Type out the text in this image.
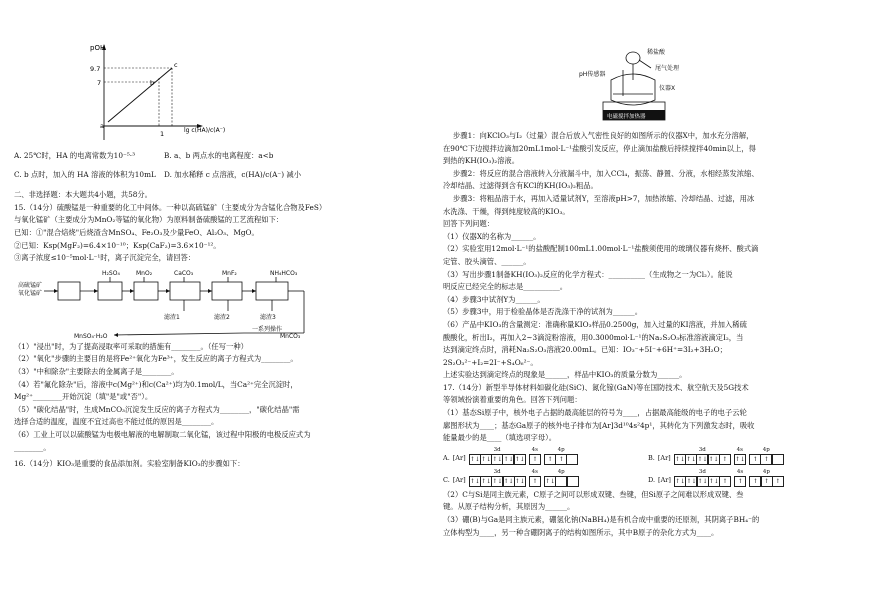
pOH
9.7
7
c
b
a
1	lg c(HA)/c(A⁻)
A. 25℃时，HA 的电离常数为10⁻⁵·³	B. a、b 两点水的电离程度：a<b
C. b 点时，加入的 HA 溶液的体积为10mL	D. 加水稀释 c 点溶液，c(HA)/c(A⁻) 减小
二、非选择题：本大题共4小题，共58分。
15.（14分）硫酸锰是一种重要的化工中间体。一种以高硫锰矿（主要成分为含锰化合物及FeS）
与氧化锰矿（主要成分为MnO₂等锰的氧化物）为原料制备硫酸锰的工艺流程如下：
已知：①"混合焙烧"后烧渣含MnSO₄、Fe₂O₃及少量FeO、Al₂O₃、MgO。
②已知：Ksp(MgF₂)=6.4×10⁻¹⁰；Ksp(CaF₂)=3.6×10⁻¹²。
③离子浓度≤10⁻⁵mol·L⁻¹时，离子沉淀完全，请回答：
高硫锰矿
氧化锰矿
H₂SO₄	MnO₂	CaCO₃	MnF₂	NH₄HCO₃
滤渣1	滤渣2	滤渣3
一系列操作
MnSO₄·H₂O	MnCO₃
（1）"浸出"时，为了提高浸取率可采取的措施有________。（任写一种）
（2）"氧化"步骤的主要目的是将Fe²⁺氧化为Fe³⁺，发生反应的离子方程式为________。
（3）"中和除杂"主要除去的金属离子是________。
（4）若"氟化除杂"后，溶液中c(Mg²⁺)和c(Ca²⁺)均为0.1mol/L，当Ca²⁺完全沉淀时，
Mg²⁺________开始沉淀（填"是"或"否"）。
（5）"碳化结晶"时，生成MnCO₃沉淀发生反应的离子方程式为________，"碳化结晶"需
选择合适的温度，温度不宜过高也不能过低的原因是________。
（6）工业上可以以硫酸锰为电极电解液的电解制取二氧化锰，该过程中阳极的电极反应式为
________。
16.（14分）KIO₃是重要的食品添加剂。实验室制备KIO₃的步骤如下：
稀盐酸
尾气处理
pH传感器
仪器X
电磁搅拌加热器
步骤1：向KClO₃与I₂（过量）混合后放入气密性良好的如图所示的仪器X中，加水充分溶解，
在90℃下边搅拌边滴加20mL1mol·L⁻¹盐酸引发反应，停止滴加盐酸后持续搅拌40min以上，得
到热的KH(IO₃)₂溶液。
步骤2：将反应的混合溶液转入分液漏斗中，加入CCl₄，振荡、静置、分液，水相经蒸发浓缩、
冷却结晶、过滤得到含有KCl的KH(IO₃)₂粗品。
步骤3：将粗品溶于水，再加入适量试剂Y，至溶液pH>7，加热浓缩、冷却结晶、过滤，用冰
水洗涤、干燥，得到纯度较高的KIO₃。
回答下列问题：
（1）仪器X的名称为______。
（2）实验室用12mol·L⁻¹的盐酸配制100mL1.00mol·L⁻¹盐酸须使用的玻璃仪器有烧杯、酸式滴
定管、胶头滴管、______。
（3）写出步骤1制备KH(IO₃)₂反应的化学方程式：__________（生成物之一为Cl₂）。能说
明反应已经完全的标志是__________。
（4）步骤3中试剂Y为______。
（5）步骤3中，用于检验晶体是否洗涤干净的试剂为______。
（6）产品中KIO₃的含量测定：准确称量KIO₃样品0.2500g，加入过量的KI溶液，并加入稀硫
酸酸化，析出I₂，再加入2~3滴淀粉溶液，用0.3000mol·L⁻¹的Na₂S₂O₃标准溶液滴定I₂，当
达到滴定终点时，消耗Na₂S₂O₃溶液20.00mL。已知：IO₃⁻+5I⁻+6H⁺=3I₂+3H₂O；
2S₂O₃²⁻+I₂=2I⁻+S₄O₆²⁻。
上述实验达到滴定终点的现象是______，样品中KIO₃的质量分数为______。
17.（14分）新型半导体材料如碳化硅(SiC)、氮化镓(GaN)等在国防技术、航空航天及5G技术
等领域扮演着重要的角色。回答下列问题：
（1）基态Si原子中，核外电子占据的最高能层的符号为____，占据最高能级的电子的电子云轮
廓图形状为____；基态Ga原子的核外电子排布为[Ar]3d¹⁰4s²4p¹，其转化为下列激发态时，吸收
能量最少的是____（填选项字母）。
A. [Ar]
3d
↑↓ ↑↓ ↑↓ ↑↓ ↑↓
4s
↑
4p
↑	↑	B. [Ar]
3d
↑↓ ↑↓ ↑↓ ↑↓ ↑
4s
↑↓
4p
↑	↑
C. [Ar]
3d
↑↓ ↑↓ ↑↓ ↑↓ ↑↓
4s
↑
4p
↑↓	D. [Ar]
3d
↑↓ ↑↓ ↑↓ ↑↓ ↑
4s
↑
4p
↑	↑	↑
（2）C与Si是同主族元素，C原子之间可以形成双键、叁键，但Si原子之间难以形成双键、叁
键。从原子结构分析，其原因为______。
（3）硼(B)与Ga是同主族元素，硼氢化钠(NaBH₄)是有机合成中重要的还原剂，其阴离子BH₄⁻的
立体构型为____，另一种含硼阴离子的结构如图所示，其中B原子的杂化方式为____。
